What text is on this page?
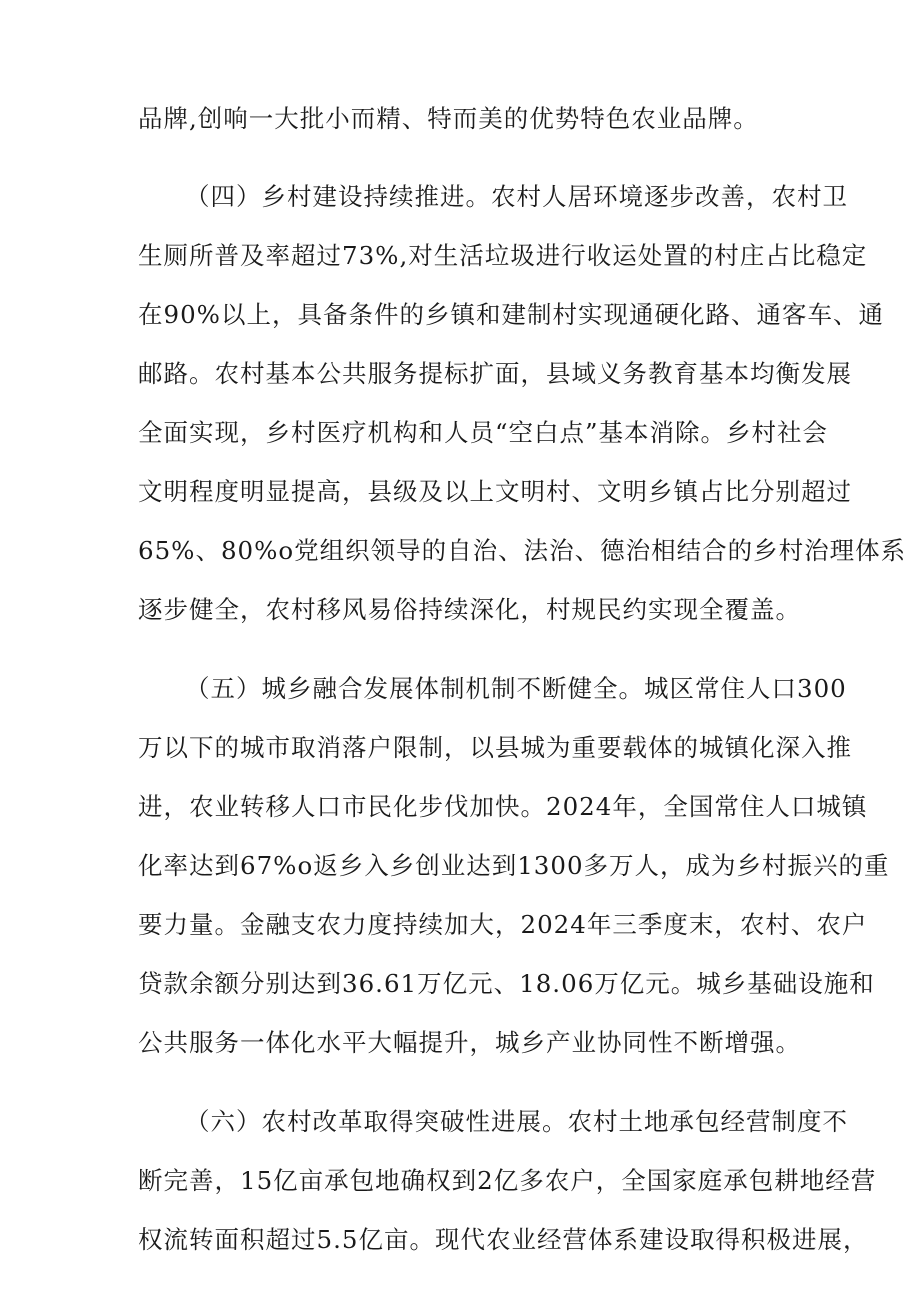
品牌,创响一大批小而精、特而美的优势特色农业品牌。
（四）乡村建设持续推进。农村人居环境逐步改善，农村卫
生厕所普及率超过73%,对生活垃圾进行收运处置的村庄占比稳定
在90%以上，具备条件的乡镇和建制村实现通硬化路、通客车、通
邮路。农村基本公共服务提标扩面，县域义务教育基本均衡发展
全面实现，乡村医疗机构和人员“空白点”基本消除。乡村社会
文明程度明显提高，县级及以上文明村、文明乡镇占比分别超过
65%、80%o党组织领导的自治、法治、德治相结合的乡村治理体系
逐步健全，农村移风易俗持续深化，村规民约实现全覆盖。
（五）城乡融合发展体制机制不断健全。城区常住人口300
万以下的城市取消落户限制，以县城为重要载体的城镇化深入推
进，农业转移人口市民化步伐加快。2024年，全国常住人口城镇
化率达到67%o返乡入乡创业达到1300多万人，成为乡村振兴的重
要力量。金融支农力度持续加大，2024年三季度末，农村、农户
贷款余额分别达到36.61万亿元、18.06万亿元。城乡基础设施和
公共服务一体化水平大幅提升，城乡产业协同性不断增强。
（六）农村改革取得突破性进展。农村土地承包经营制度不
断完善，15亿亩承包地确权到2亿多农户，全国家庭承包耕地经营
权流转面积超过5.5亿亩。现代农业经营体系建设取得积极进展，
